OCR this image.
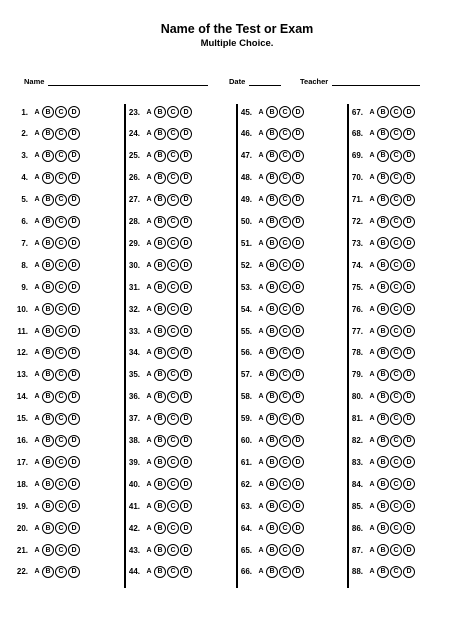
Name of the Test or Exam
Multiple Choice.
Name	Date	Teacher
1. A B	C	D
2. A B	C	D
3. A B	C	D
4. A B	C	D
5. A B	C	D
6. A B	C	D
7. A B	C	D
8. A B	C	D
9. A B	C	D
10. A B	C	D
11. A B	C	D
12. A B	C	D
13. A B	C	D
14. A B	C	D
15. A B	C	D
16. A B	C	D
17. A B	C	D
18. A B	C	D
19. A B	C	D
20. A B	C	D
21. A B	C	D
22. A B	C	D
23. A B	C	D
24. A B	C	D
25. A B	C	D
26. A B	C	D
27. A B	C	D
28. A B	C	D
29. A B	C	D
30. A B	C	D
31. A B	C	D
32. A B	C	D
33. A B	C	D
34. A B	C	D
35. A B	C	D
36. A B	C	D
37. A B	C	D
38. A B	C	D
39. A B	C	D
40. A B	C	D
41. A B	C	D
42. A B	C	D
43. A B	C	D
44. A B	C	D
45. A B	C	D
46. A B	C	D
47. A B	C	D
48. A B	C	D
49. A B	C	D
50. A B	C	D
51. A B	C	D
52. A B	C	D
53. A B	C	D
54. A B	C	D
55. A B	C	D
56. A B	C	D
57. A B	C	D
58. A B	C	D
59. A B	C	D
60. A B	C	D
61. A B	C	D
62. A B	C	D
63. A B	C	D
64. A B	C	D
65. A B	C	D
66. A B	C	D
67. A B	C	D
68. A B	C	D
69. A B	C	D
70. A B	C	D
71. A B	C	D
72. A B	C	D
73. A B	C	D
74. A B	C	D
75. A B	C	D
76. A B	C	D
77. A B	C	D
78. A B	C	D
79. A B	C	D
80. A B	C	D
81. A B	C	D
82. A B	C	D
83. A B	C	D
84. A B	C	D
85. A B	C	D
86. A B	C	D
87. A B	C	D
88. A B	C	D
